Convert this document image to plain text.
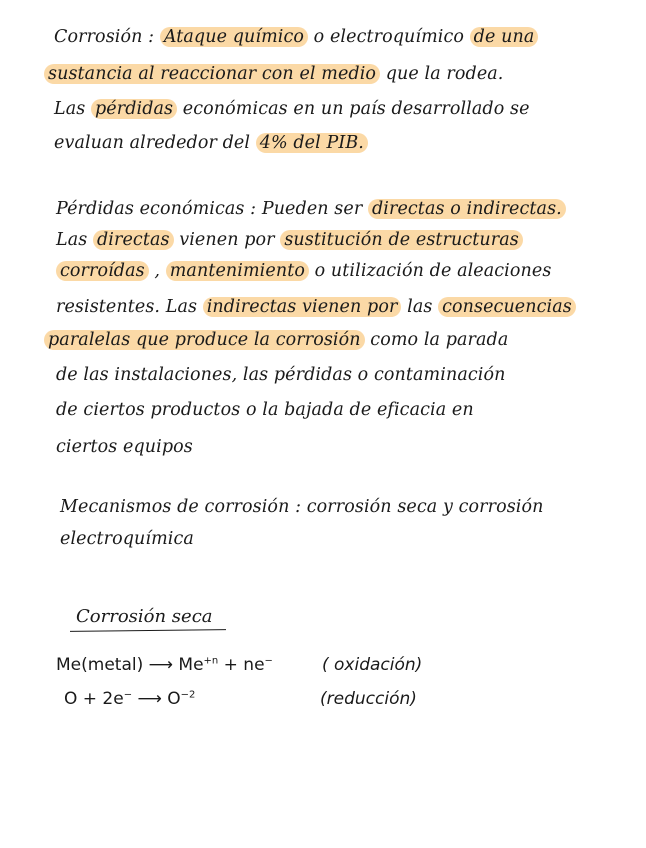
Corrosión : Ataque químico o electroquímico de una
sustancia al reaccionar con el medio que la rodea.
Las pérdidas económicas en un país desarrollado se
evaluan alrededor del 4% del PIB.
Pérdidas económicas : Pueden ser directas o indirectas.
Las directas vienen por sustitución de estructuras
corroídas , mantenimiento o utilización de aleaciones
resistentes. Las indirectas vienen por las consecuencias
paralelas que produce la corrosión como la parada
de las instalaciones, las pérdidas o contaminación
de ciertos productos o la bajada de eficacia en
ciertos equipos
Mecanismos de corrosión : corrosión seca y corrosión
electroquímica
Corrosión seca
Me(metal) ⟶ $Me^{+n} + ne^-$	( oxidación)
O + 2e− ⟶ $O^{-2}$	(reducción)
